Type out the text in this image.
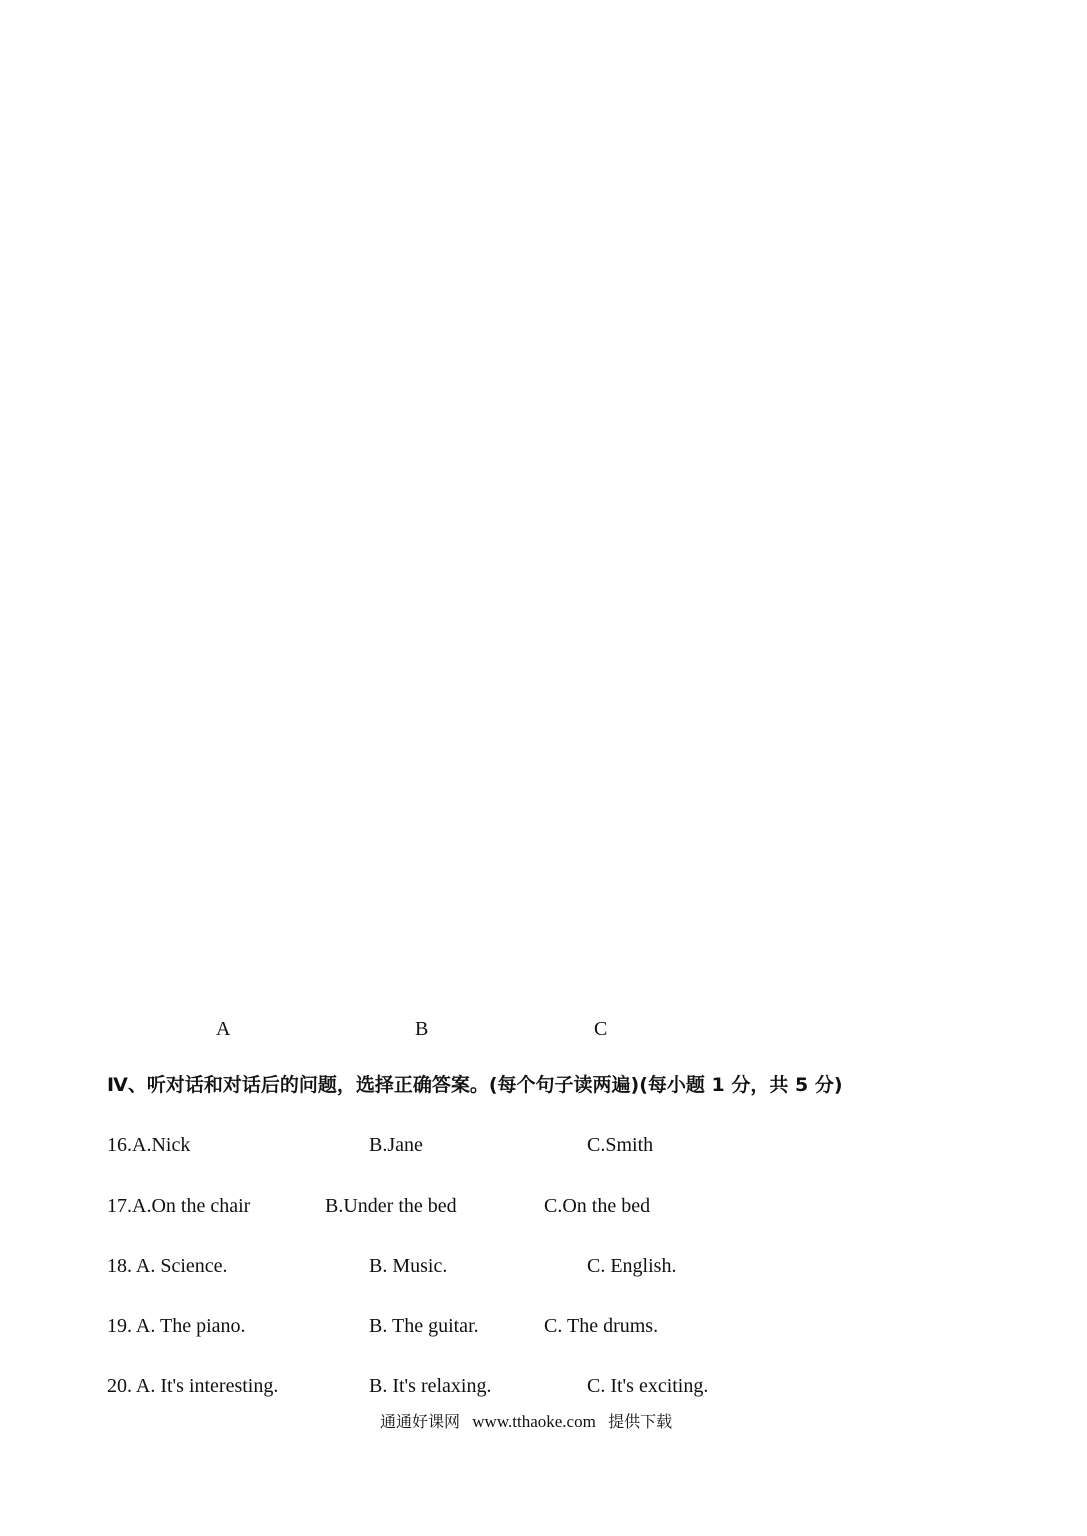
A	B	C
Ⅳ、听对话和对话后的问题，选择正确答案。(每个句子读两遍)(每小题 1 分，共 5 分)
16.A.Nick	B.Jane	C.Smith
17.A.On the chair	B.Under the bed	C.On the bed
18. A. Science.	B. Music.	C. English.
19. A. The piano.	B. The guitar.	C. The drums.
20. A. It's interesting.	B. It's relaxing.	C. It's exciting.
通通好课网 www.tthaoke.com 提供下载
